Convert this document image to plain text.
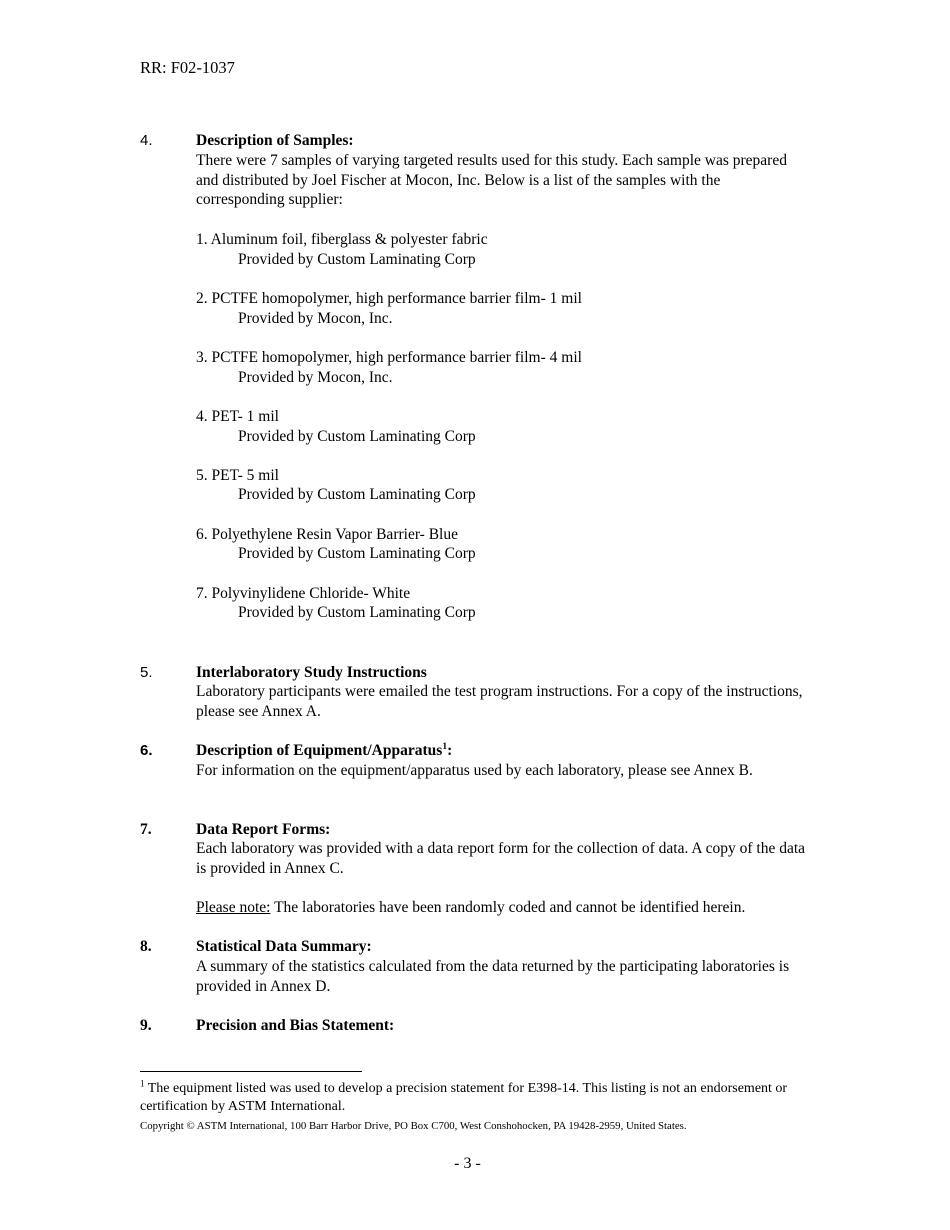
RR: F02-1037
4.	Description of Samples:
There were 7 samples of varying targeted results used for this study. Each sample was prepared and distributed by Joel Fischer at Mocon, Inc. Below is a list of the samples with the corresponding supplier:
1. Aluminum foil, fiberglass & polyester fabric
Provided by Custom Laminating Corp
2. PCTFE homopolymer, high performance barrier film- 1 mil
Provided by Mocon, Inc.
3. PCTFE homopolymer, high performance barrier film- 4 mil
Provided by Mocon, Inc.
4. PET- 1 mil
Provided by Custom Laminating Corp
5. PET- 5 mil
Provided by Custom Laminating Corp
6. Polyethylene Resin Vapor Barrier- Blue
Provided by Custom Laminating Corp
7. Polyvinylidene Chloride- White
Provided by Custom Laminating Corp
5.	Interlaboratory Study Instructions
Laboratory participants were emailed the test program instructions. For a copy of the instructions, please see Annex A.
6.	Description of Equipment/Apparatus$^1$:
For information on the equipment/apparatus used by each laboratory, please see Annex B.
7.	Data Report Forms:
Each laboratory was provided with a data report form for the collection of data. A copy of the data is provided in Annex C.
Please note: The laboratories have been randomly coded and cannot be identified herein.
8.	Statistical Data Summary:
A summary of the statistics calculated from the data returned by the participating laboratories is provided in Annex D.
9.	Precision and Bias Statement:
$^1$ The equipment listed was used to develop a precision statement for E398-14. This listing is not an endorsement or certification by ASTM International.
Copyright © ASTM International, 100 Barr Harbor Drive, PO Box C700, West Conshohocken, PA 19428-2959, United States.
- 3 -
